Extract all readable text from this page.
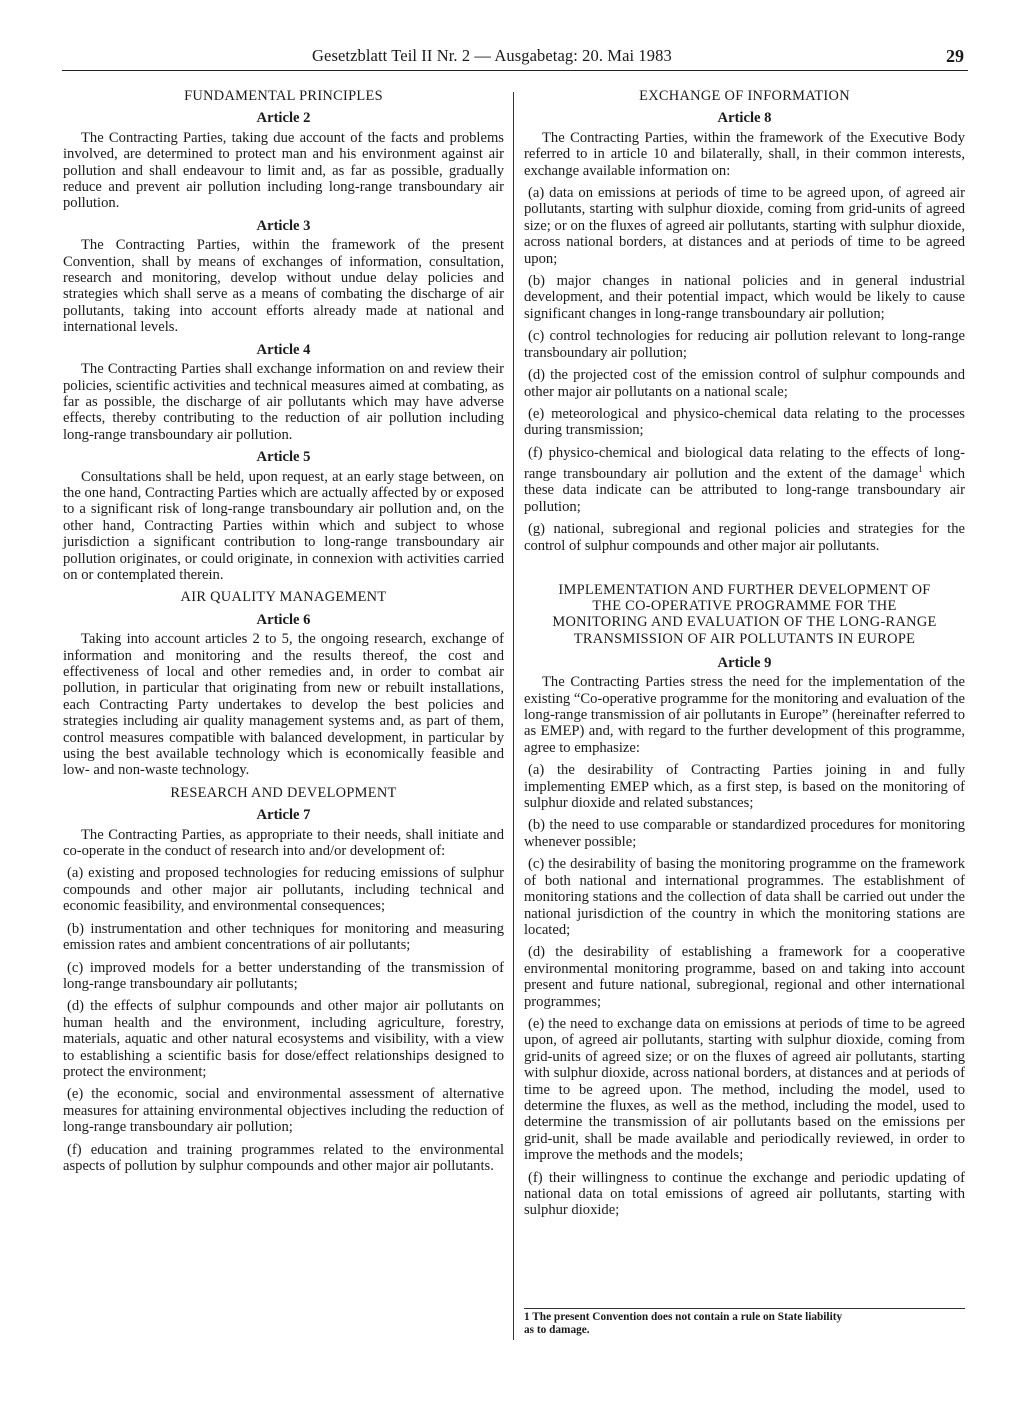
Gesetzblatt Teil II Nr. 2 — Ausgabetag: 20. Mai 1983	29
FUNDAMENTAL PRINCIPLES
Article 2

The Contracting Parties, taking due account of the facts and problems involved, are determined to protect man and his environment against air pollution and shall endeavour to limit and, as far as possible, gradually reduce and prevent air pollution including long-range transboundary air pollution.

Article 3

The Contracting Parties, within the framework of the present Convention, shall by means of exchanges of information, consultation, research and monitoring, develop without undue delay policies and strategies which shall serve as a means of combating the discharge of air pollutants, taking into account efforts already made at national and international levels.

Article 4

The Contracting Parties shall exchange information on and review their policies, scientific activities and technical measures aimed at combating, as far as possible, the discharge of air pollutants which may have adverse effects, thereby contributing to the reduction of air pollution including long-range transboundary air pollution.

Article 5

Consultations shall be held, upon request, at an early stage between, on the one hand, Contracting Parties which are actually affected by or exposed to a significant risk of long-range transboundary air pollution and, on the other hand, Contracting Parties within which and subject to whose jurisdiction a significant contribution to long-range transboundary air pollution originates, or could originate, in connexion with activities carried on or contemplated therein.

AIR QUALITY MANAGEMENT
Article 6

Taking into account articles 2 to 5, the ongoing research, exchange of information and monitoring and the results thereof, the cost and effectiveness of local and other remedies and, in order to combat air pollution, in particular that originating from new or rebuilt installations, each Contracting Party undertakes to develop the best policies and strategies including air quality management systems and, as part of them, control measures compatible with balanced development, in particular by using the best available technology which is economically feasible and low- and non-waste technology.

RESEARCH AND DEVELOPMENT
Article 7

The Contracting Parties, as appropriate to their needs, shall initiate and co-operate in the conduct of research into and/or development of:

(a) existing and proposed technologies for reducing emissions of sulphur compounds and other major air pollutants, including technical and economic feasibility, and environmental consequences;

(b) instrumentation and other techniques for monitoring and measuring emission rates and ambient concentrations of air pollutants;

(c) improved models for a better understanding of the transmission of long-range transboundary air pollutants;

(d) the effects of sulphur compounds and other major air pollutants on human health and the environment, including agriculture, forestry, materials, aquatic and other natural ecosystems and visibility, with a view to establishing a scientific basis for dose/effect relationships designed to protect the environment;

(e) the economic, social and environmental assessment of alternative measures for attaining environmental objectives including the reduction of long-range transboundary air pollution;

(f) education and training programmes related to the environmental aspects of pollution by sulphur compounds and other major air pollutants.

EXCHANGE OF INFORMATION
Article 8

The Contracting Parties, within the framework of the Executive Body referred to in article 10 and bilaterally, shall, in their common interests, exchange available information on:

(a) data on emissions at periods of time to be agreed upon, of agreed air pollutants, starting with sulphur dioxide, coming from grid-units of agreed size; or on the fluxes of agreed air pollutants, starting with sulphur dioxide, across national borders, at distances and at periods of time to be agreed upon;

(b) major changes in national policies and in general industrial development, and their potential impact, which would be likely to cause significant changes in long-range transboundary air pollution;

(c) control technologies for reducing air pollution relevant to long-range transboundary air pollution;

(d) the projected cost of the emission control of sulphur compounds and other major air pollutants on a national scale;

(e) meteorological and physico-chemical data relating to the processes during transmission;

(f) physico-chemical and biological data relating to the effects of long-range transboundary air pollution and the extent of the damage$^1$ which these data indicate can be attributed to long-range transboundary air pollution;

(g) national, subregional and regional policies and strategies for the control of sulphur compounds and other major air pollutants.

IMPLEMENTATION AND FURTHER DEVELOPMENT OF
THE CO-OPERATIVE PROGRAMME FOR THE
MONITORING AND EVALUATION OF THE LONG-RANGE
TRANSMISSION OF AIR POLLUTANTS IN EUROPE
Article 9

The Contracting Parties stress the need for the implementation of the existing “Co-operative programme for the monitoring and evaluation of the long-range transmission of air pollutants in Europe” (hereinafter referred to as EMEP) and, with regard to the further development of this programme, agree to emphasize:

(a) the desirability of Contracting Parties joining in and fully implementing EMEP which, as a first step, is based on the monitoring of sulphur dioxide and related substances;

(b) the need to use comparable or standardized procedures for monitoring whenever possible;

(c) the desirability of basing the monitoring programme on the framework of both national and international programmes. The establishment of monitoring stations and the collection of data shall be carried out under the national jurisdiction of the country in which the monitoring stations are located;

(d) the desirability of establishing a framework for a cooperative environmental monitoring programme, based on and taking into account present and future national, subregional, regional and other international programmes;

(e) the need to exchange data on emissions at periods of time to be agreed upon, of agreed air pollutants, starting with sulphur dioxide, coming from grid-units of agreed size; or on the fluxes of agreed air pollutants, starting with sulphur dioxide, across national borders, at distances and at periods of time to be agreed upon. The method, including the model, used to determine the fluxes, as well as the method, including the model, used to determine the transmission of air pollutants based on the emissions per grid-unit, shall be made available and periodically reviewed, in order to improve the methods and the models;

(f) their willingness to continue the exchange and periodic updating of national data on total emissions of agreed air pollutants, starting with sulphur dioxide;

1 The present Convention does not contain a rule on State liability
as to damage.
